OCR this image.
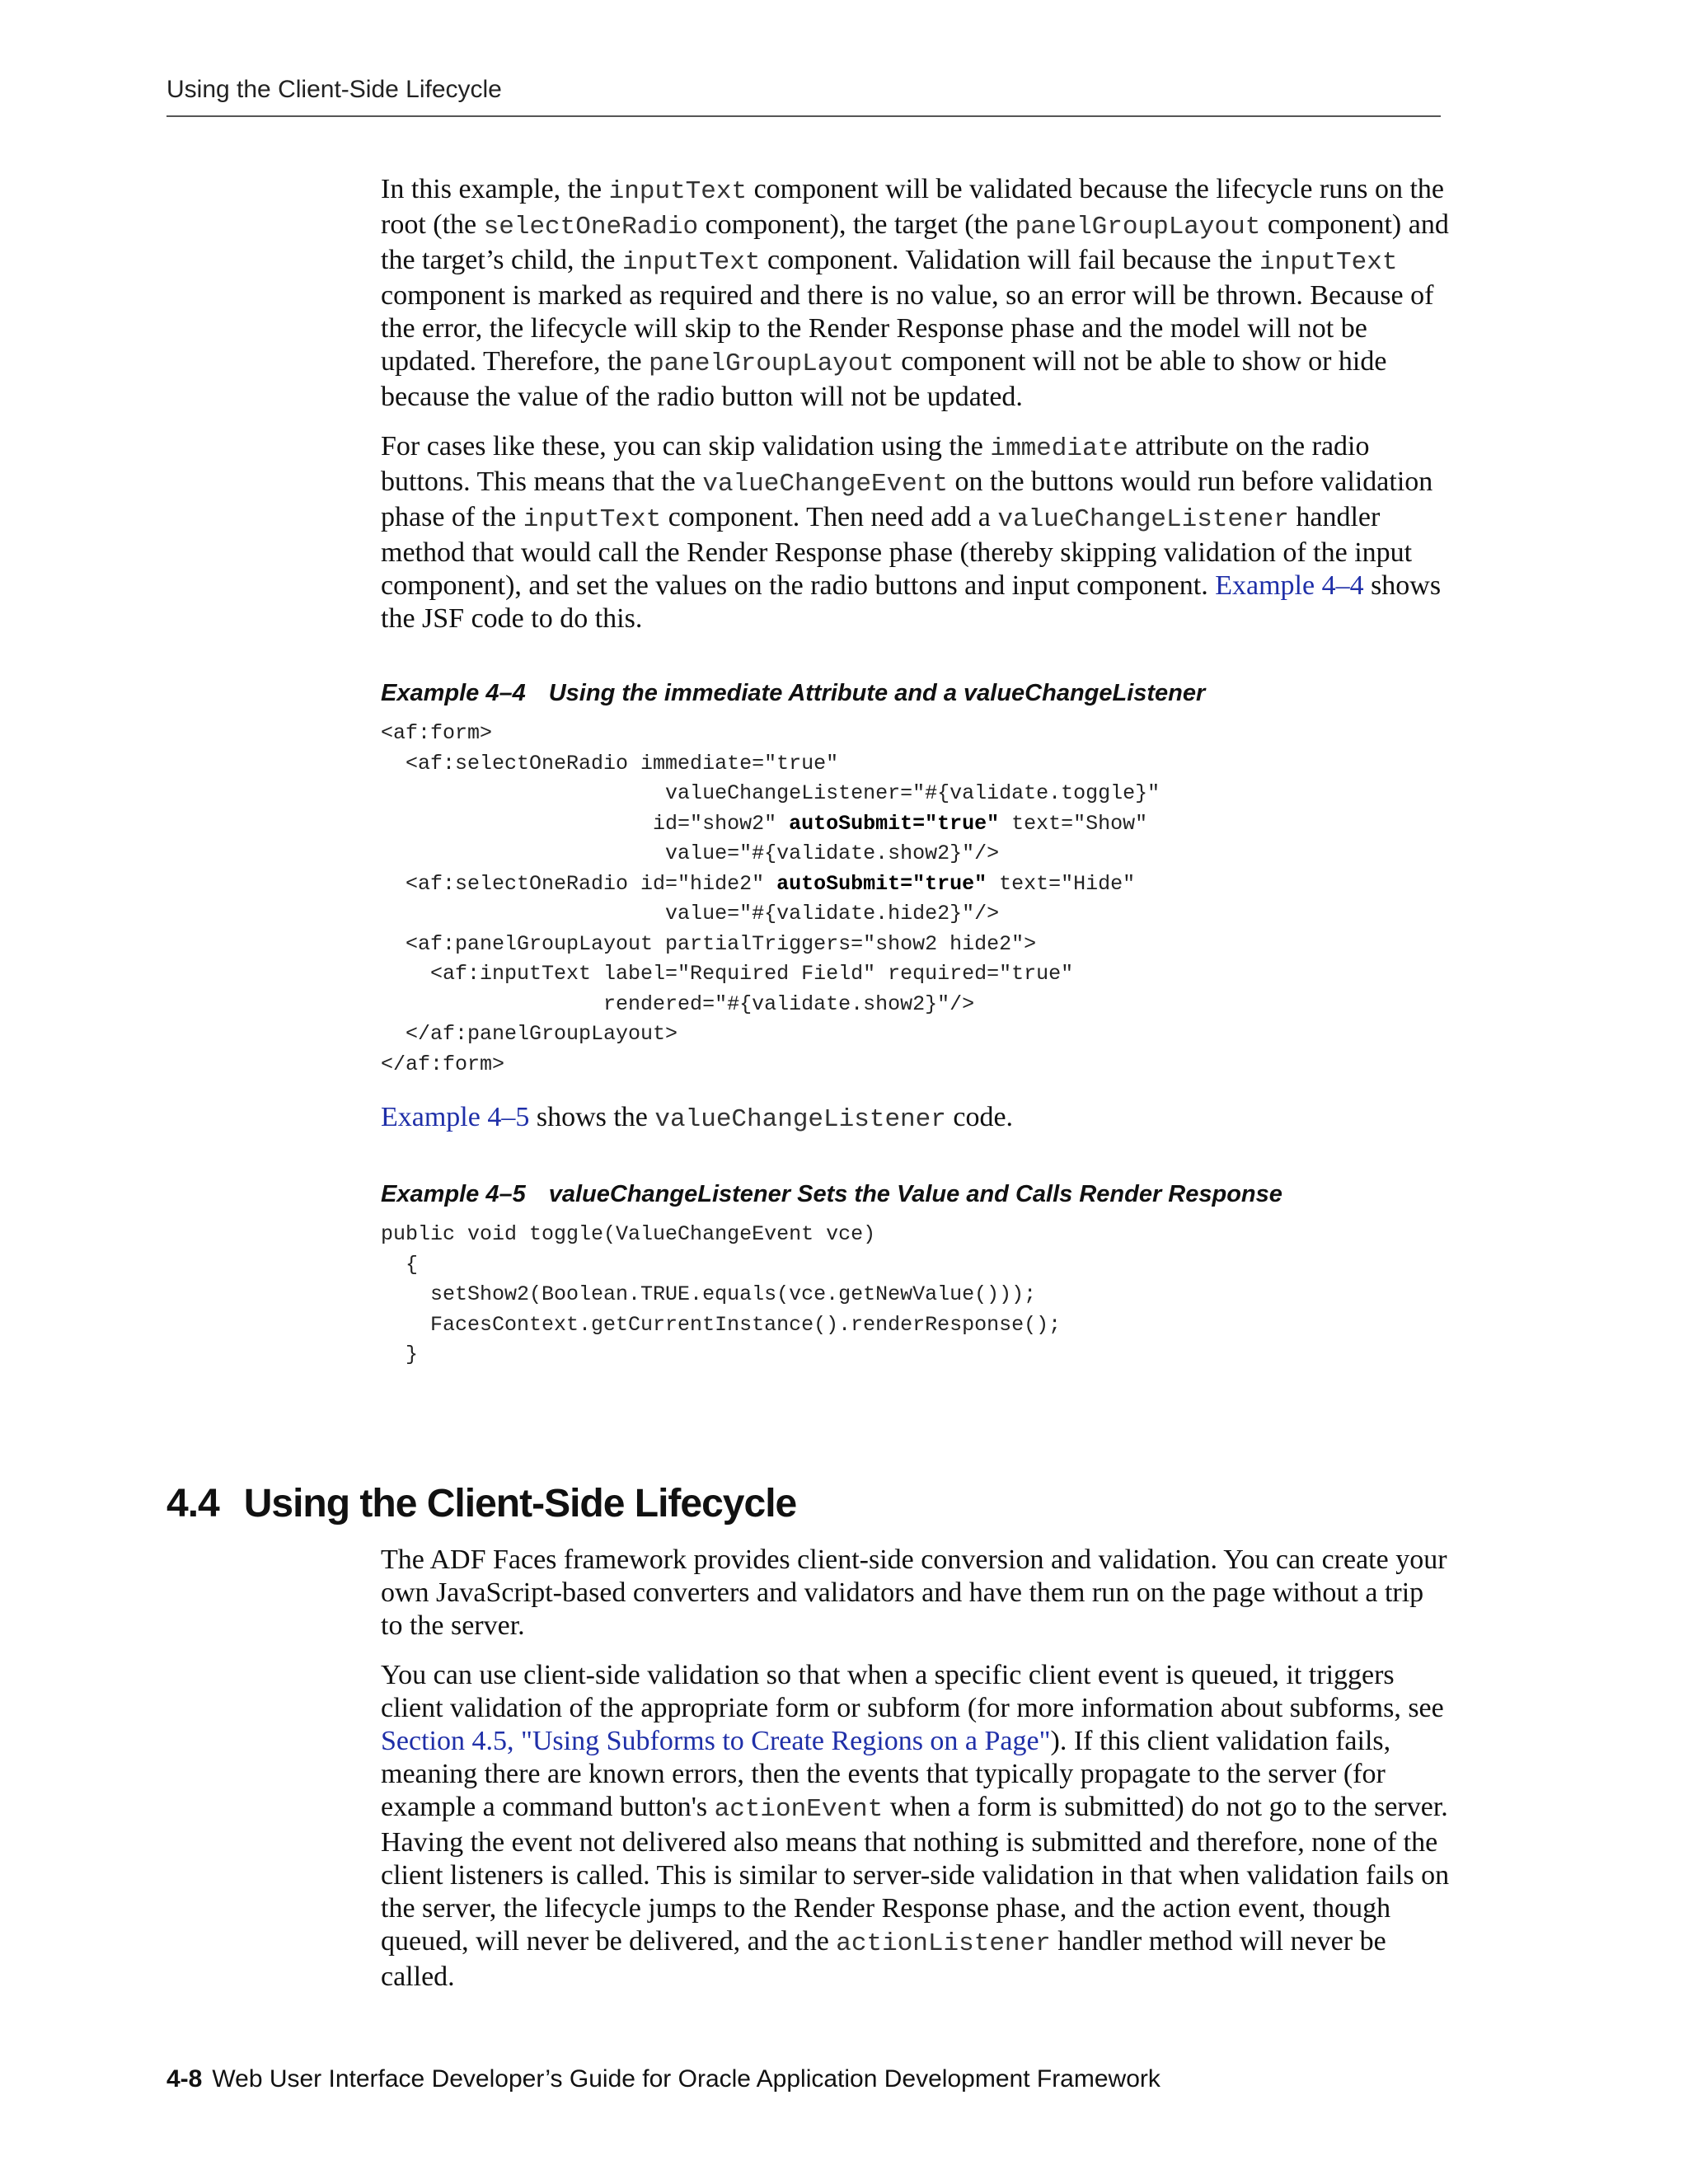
Using the Client-Side Lifecycle

In this example, the inputText component will be validated because the lifecycle runs on the root (the selectOneRadio component), the target (the panelGroupLayout component) and the target’s child, the inputText component. Validation will fail because the inputText component is marked as required and there is no value, so an error will be thrown. Because of the error, the lifecycle will skip to the Render Response phase and the model will not be updated. Therefore, the panelGroupLayout component will not be able to show or hide because the value of the radio button will not be updated.

For cases like these, you can skip validation using the immediate attribute on the radio buttons. This means that the valueChangeEvent on the buttons would run before validation phase of the inputText component. Then need add a valueChangeListener handler method that would call the Render Response phase (thereby skipping validation of the input component), and set the values on the radio buttons and input component. Example 4–4 shows the JSF code to do this.

Example 4–4 Using the immediate Attribute and a valueChangeListener

<af:form>
<af:selectOneRadio immediate="true"
valueChangeListener="#{validate.toggle}"
id="show2" autoSubmit="true" text="Show"
value="#{validate.show2}"/>
<af:selectOneRadio id="hide2" autoSubmit="true" text="Hide"
value="#{validate.hide2}"/>
<af:panelGroupLayout partialTriggers="show2 hide2">
<af:inputText label="Required Field" required="true"
rendered="#{validate.show2}"/>
</af:panelGroupLayout>
</af:form>

Example 4–5 shows the valueChangeListener code.

Example 4–5 valueChangeListener Sets the Value and Calls Render Response

public void toggle(ValueChangeEvent vce)
{
setShow2(Boolean.TRUE.equals(vce.getNewValue()));
FacesContext.getCurrentInstance().renderResponse();
}
4.4 Using the Client-Side Lifecycle

The ADF Faces framework provides client-side conversion and validation. You can create your own JavaScript-based converters and validators and have them run on the page without a trip to the server.

You can use client-side validation so that when a specific client event is queued, it triggers client validation of the appropriate form or subform (for more information about subforms, see Section 4.5, "Using Subforms to Create Regions on a Page"). If this client validation fails, meaning there are known errors, then the events that typically propagate to the server (for example a command button's actionEvent when a form is submitted) do not go to the server. Having the event not delivered also means that nothing is submitted and therefore, none of the client listeners is called. This is similar to server-side validation in that when validation fails on the server, the lifecycle jumps to the Render Response phase, and the action event, though queued, will never be delivered, and the actionListener handler method will never be called.

4-8 Web User Interface Developer’s Guide for Oracle Application Development Framework
